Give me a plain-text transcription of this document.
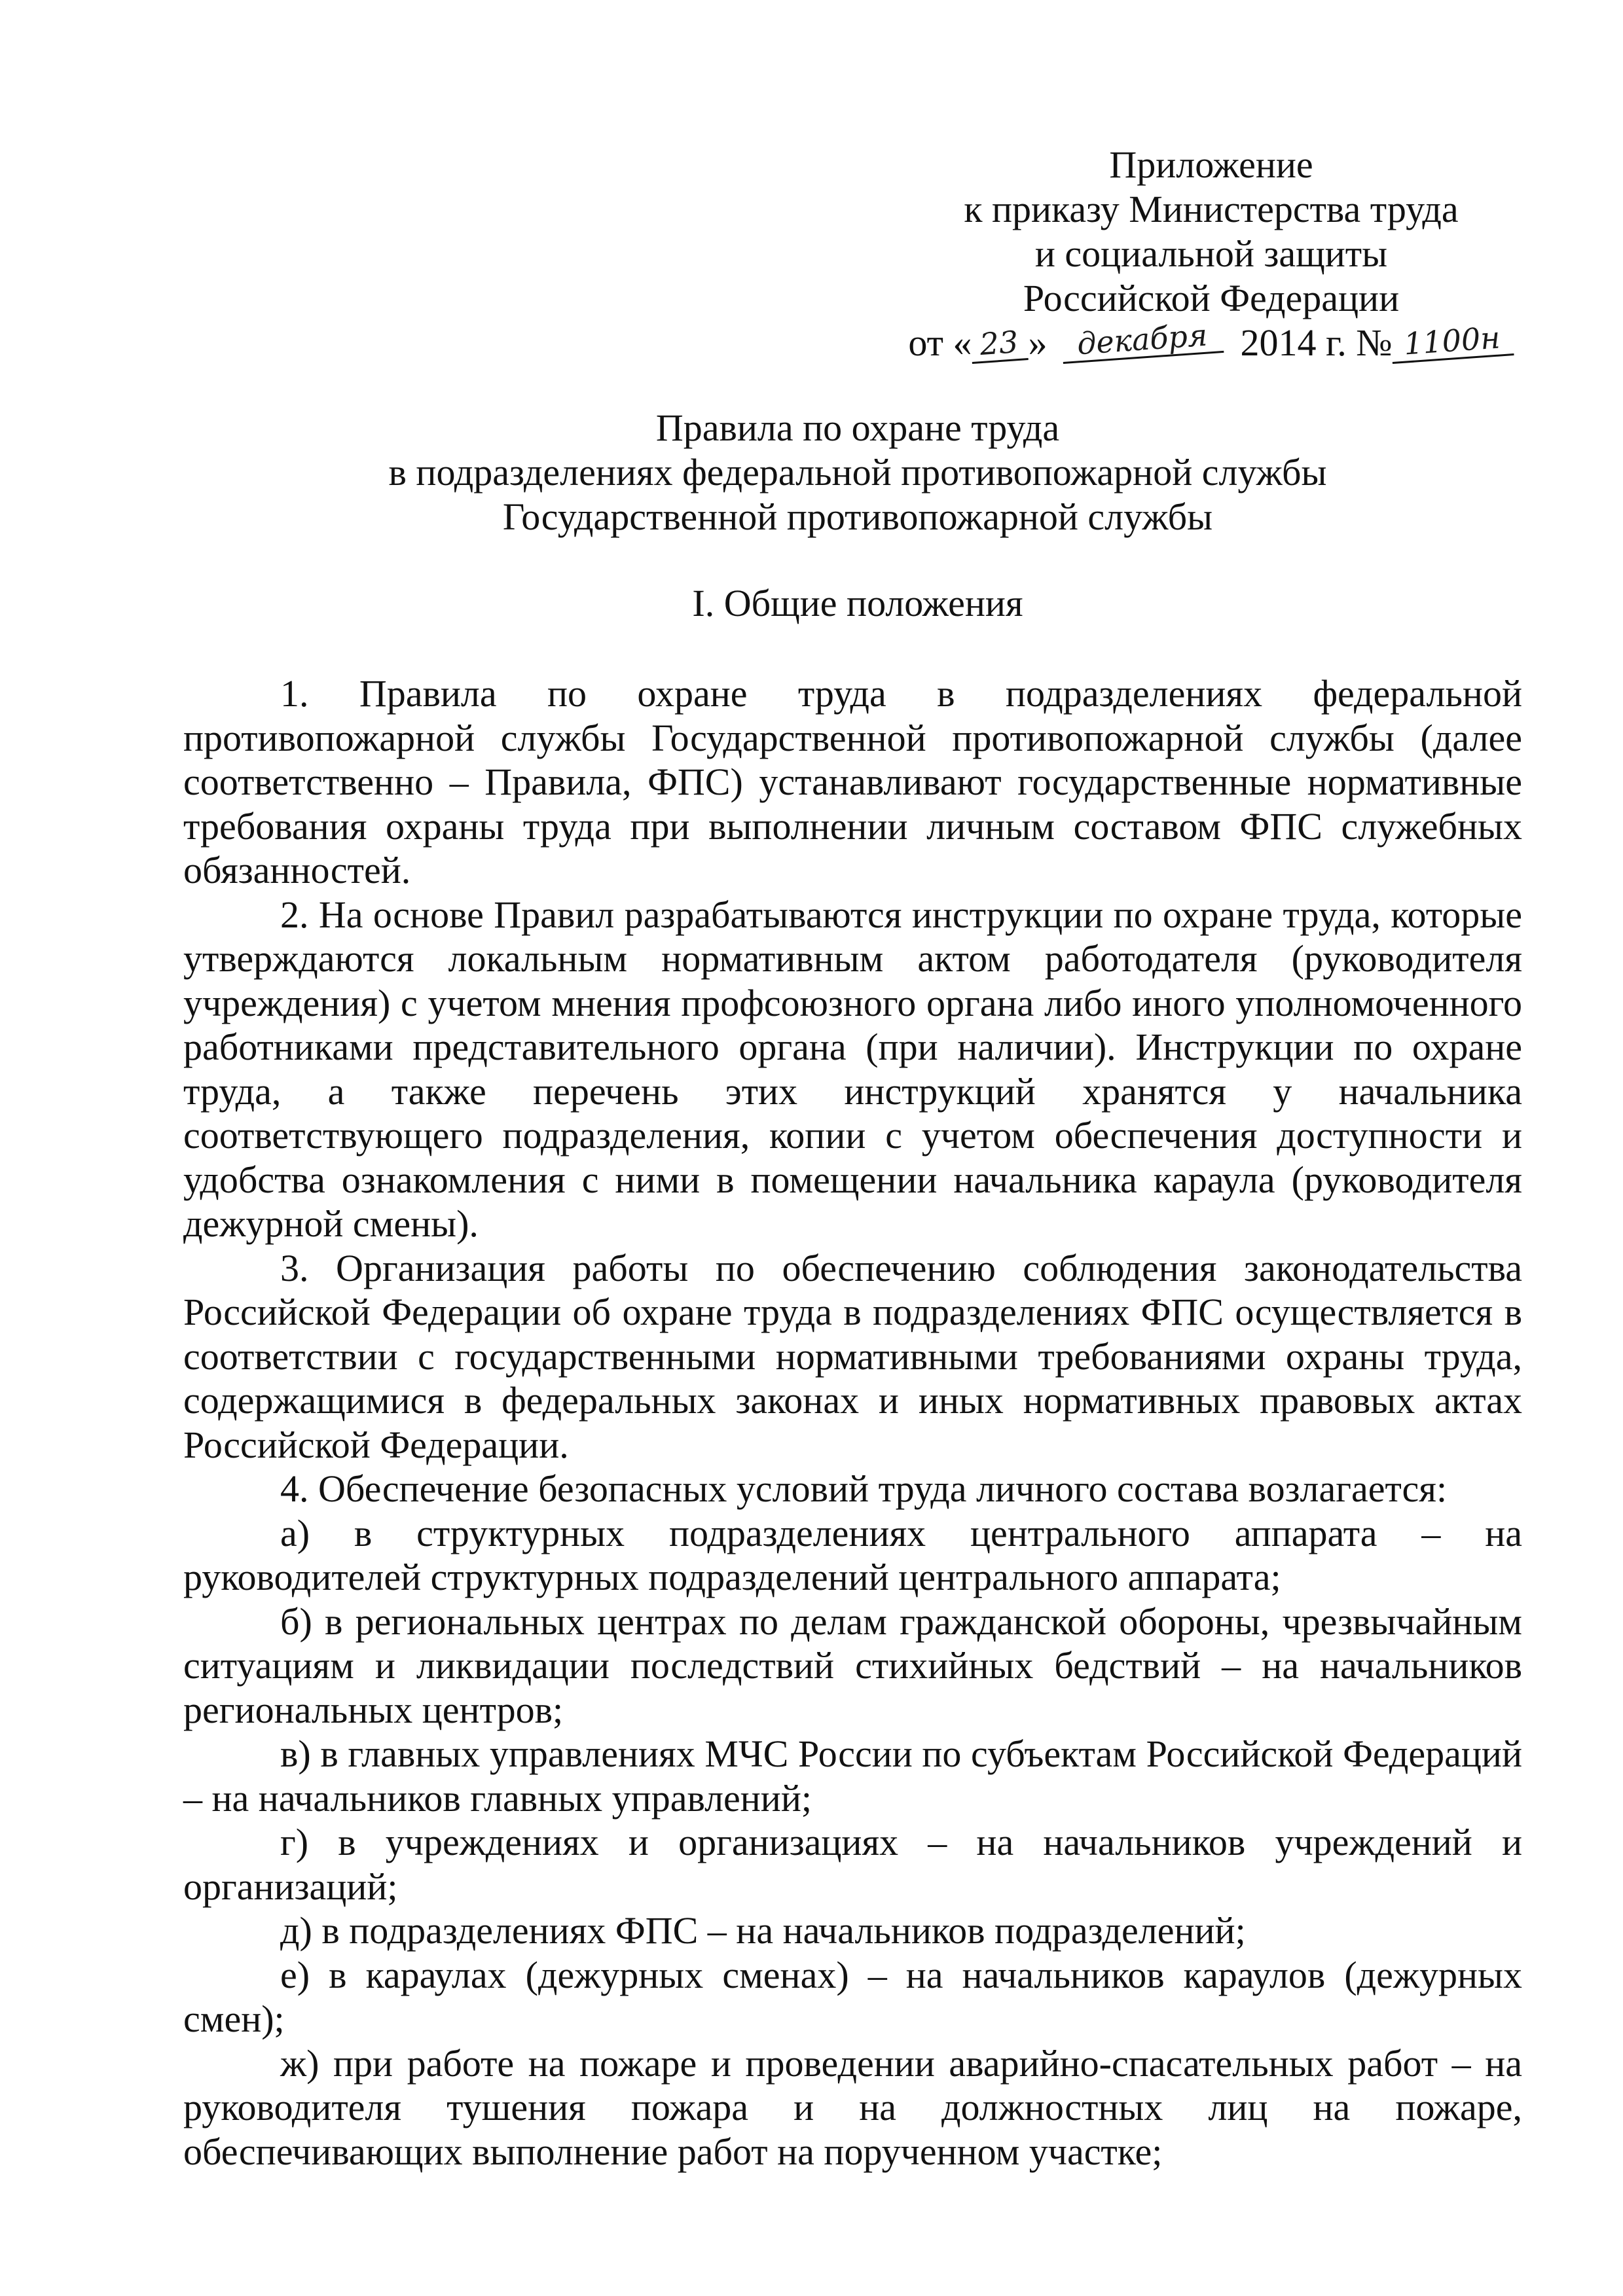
Приложение
к приказу Министерства труда
и социальной защиты
Российской Федерации
от « 23 » декабря 2014 г. № 1100н
Правила по охране труда
в подразделениях федеральной противопожарной службы
Государственной противопожарной службы
I. Общие положения

1. Правила по охране труда в подразделениях федеральной противопожарной службы Государственной противопожарной службы (далее соответственно – Правила, ФПС) устанавливают государственные нормативные требования охраны труда при выполнении личным составом ФПС служебных обязанностей.

2. На основе Правил разрабатываются инструкции по охране труда, которые утверждаются локальным нормативным актом работодателя (руководителя учреждения) с учетом мнения профсоюзного органа либо иного уполномоченного работниками представительного органа (при наличии). Инструкции по охране труда, а также перечень этих инструкций хранятся у начальника соответствующего подразделения, копии с учетом обеспечения доступности и удобства ознакомления с ними в помещении начальника караула (руководителя дежурной смены).

3. Организация работы по обеспечению соблюдения законодательства Российской Федерации об охране труда в подразделениях ФПС осуществляется в соответствии с государственными нормативными требованиями охраны труда, содержащимися в федеральных законах и иных нормативных правовых актах Российской Федерации.

4. Обеспечение безопасных условий труда личного состава возлагается:

а) в структурных подразделениях центрального аппарата – на руководителей структурных подразделений центрального аппарата;

б) в региональных центрах по делам гражданской обороны, чрезвычайным ситуациям и ликвидации последствий стихийных бедствий – на начальников региональных центров;

в) в главных управлениях МЧС России по субъектам Российской Федераций – на начальников главных управлений;

г) в учреждениях и организациях – на начальников учреждений и организаций;

д) в подразделениях ФПС – на начальников подразделений;

е) в караулах (дежурных сменах) – на начальников караулов (дежурных смен);

ж) при работе на пожаре и проведении аварийно-спасательных работ – на руководителя тушения пожара и на должностных лиц на пожаре, обеспечивающих выполнение работ на порученном участке;
